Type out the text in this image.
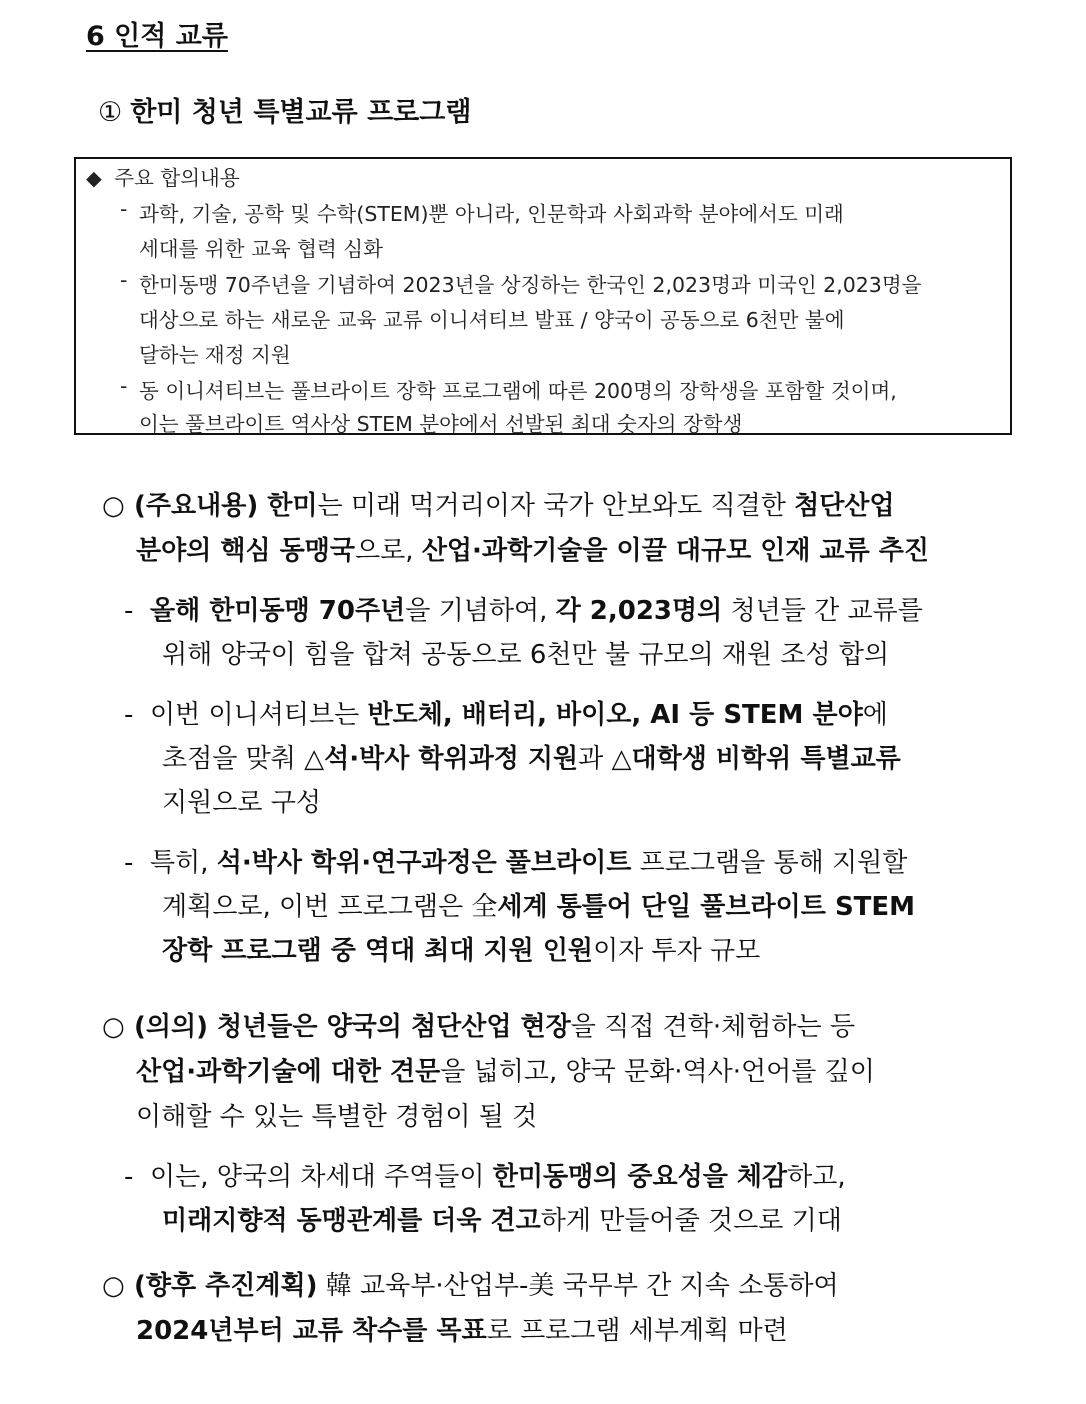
6 인적 교류
① 한미 청년 특별교류 프로그램
◆ 주요 합의내용
- 과학, 기술, 공학 및 수학(STEM)뿐 아니라, 인문학과 사회과학 분야에서도 미래
세대를 위한 교육 협력 심화
- 한미동맹 70주년을 기념하여 2023년을 상징하는 한국인 2,023명과 미국인 2,023명을
대상으로 하는 새로운 교육 교류 이니셔티브 발표 / 양국이 공동으로 6천만 불에
달하는 재정 지원
- 동 이니셔티브는 풀브라이트 장학 프로그램에 따른 200명의 장학생을 포함할 것이며,
이는 풀브라이트 역사상 STEM 분야에서 선발된 최대 숫자의 장학생
○ (주요내용) 한미는 미래 먹거리이자 국가 안보와도 직결한 첨단산업
분야의 핵심 동맹국으로, 산업·과학기술을 이끌 대규모 인재 교류 추진
- 올해 한미동맹 70주년을 기념하여, 각 2,023명의 청년들 간 교류를
위해 양국이 힘을 합쳐 공동으로 6천만 불 규모의 재원 조성 합의
- 이번 이니셔티브는 반도체, 배터리, 바이오, AI 등 STEM 분야에
초점을 맞춰 △석·박사 학위과정 지원과 △대학생 비학위 특별교류
지원으로 구성
- 특히, 석·박사 학위·연구과정은 풀브라이트 프로그램을 통해 지원할
계획으로, 이번 프로그램은 全세계 통틀어 단일 풀브라이트 STEM
장학 프로그램 중 역대 최대 지원 인원이자 투자 규모
○ (의의) 청년들은 양국의 첨단산업 현장을 직접 견학·체험하는 등
산업·과학기술에 대한 견문을 넓히고, 양국 문화·역사·언어를 깊이
이해할 수 있는 특별한 경험이 될 것
- 이는, 양국의 차세대 주역들이 한미동맹의 중요성을 체감하고,
미래지향적 동맹관계를 더욱 견고하게 만들어줄 것으로 기대
○ (향후 추진계획) 韓 교육부·산업부-美 국무부 간 지속 소통하여
2024년부터 교류 착수를 목표로 프로그램 세부계획 마련
